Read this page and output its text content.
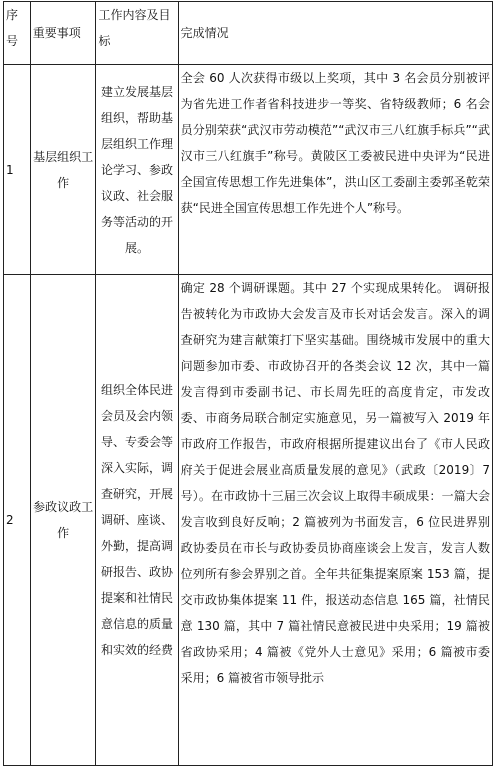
序号	重要事项	工作内容及目标	完成情况
1	基层组织工作	建立发展基层组织，帮助基层组织工作理论学习、参政议政、社会服务等活动的开展。	全会 60 人次获得市级以上奖项，其中 3 名会员分别被评为省先进工作者省科技进步一等奖、省特级教师；6 名会员分别荣获“武汉市劳动模范”“武汉市三八红旗手标兵”“武汉市三八红旗手”称号。黄陂区工委被民进中央评为“民进全国宣传思想工作先进集体”，洪山区工委副主委郭圣乾荣获“民进全国宣传思想工作先进个人”称号。
2	参政议政工作	组织全体民进会员及会内领导、专委会等深入实际，调查研究，开展调研、座谈、外勤，提高调研报告、政协提案和社情民意信息的质量和实效的经费	确定 28 个调研课题。其中 27 个实现成果转化。 调研报告被转化为市政协大会发言及市长对话会发言。深入的调查研究为建言献策打下坚实基础。围绕城市发展中的重大问题参加市委、市政协召开的各类会议 12 次，其中一篇发言得到市委副书记、市长周先旺的高度肯定，市发改委、市商务局联合制定实施意见，另一篇被写入 2019 年市政府工作报告，市政府根据所提建议出台了《市人民政府关于促进会展业高质量发展的意见》（武政〔2019〕7 号）。在市政协十三届三次会议上取得丰硕成果：一篇大会发言收到良好反响；2 篇被列为书面发言，6 位民进界别政协委员在市长与政协委员协商座谈会上发言，发言人数位列所有参会界别之首。全年共征集提案原案 153 篇，提交市政协集体提案 11 件，报送动态信息 165 篇，社情民意 130 篇，其中 7 篇社情民意被民进中央采用；19 篇被省政协采用；4 篇被《党外人士意见》采用；6 篇被市委采用；6 篇被省市领导批示
